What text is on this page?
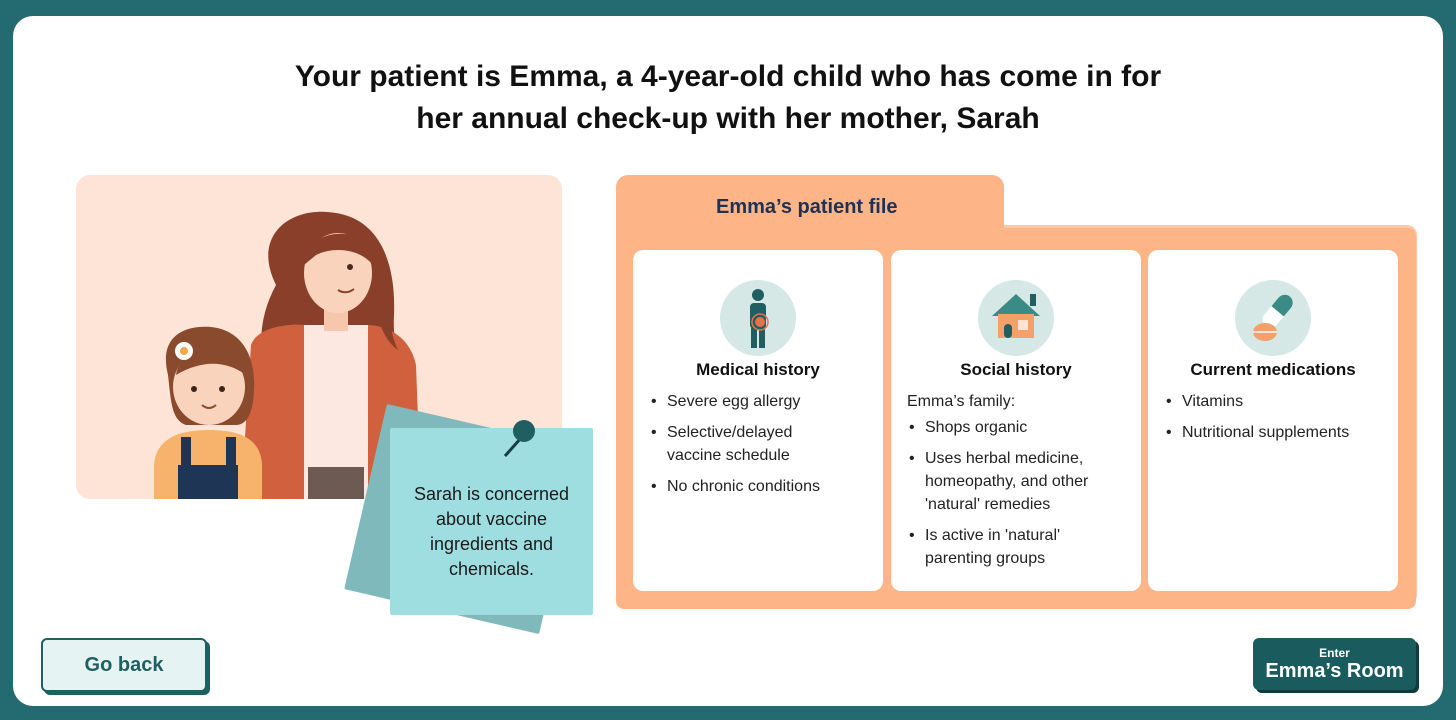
Your patient is Emma, a 4-year-old child who has come in for
her annual check-up with her mother, Sarah
Sarah is concerned
about vaccine
ingredients and
chemicals.
Emma’s patient file
Medical history
• Severe egg allergy
• Selective/delayed
vaccine schedule
• No chronic conditions
Social history
Emma’s family:
• Shops organic
• Uses herbal medicine,
homeopathy, and other
'natural' remedies
• Is active in 'natural'
parenting groups
Current medications
• Vitamins
• Nutritional supplements
Go back
Enter
Emma’s Room
